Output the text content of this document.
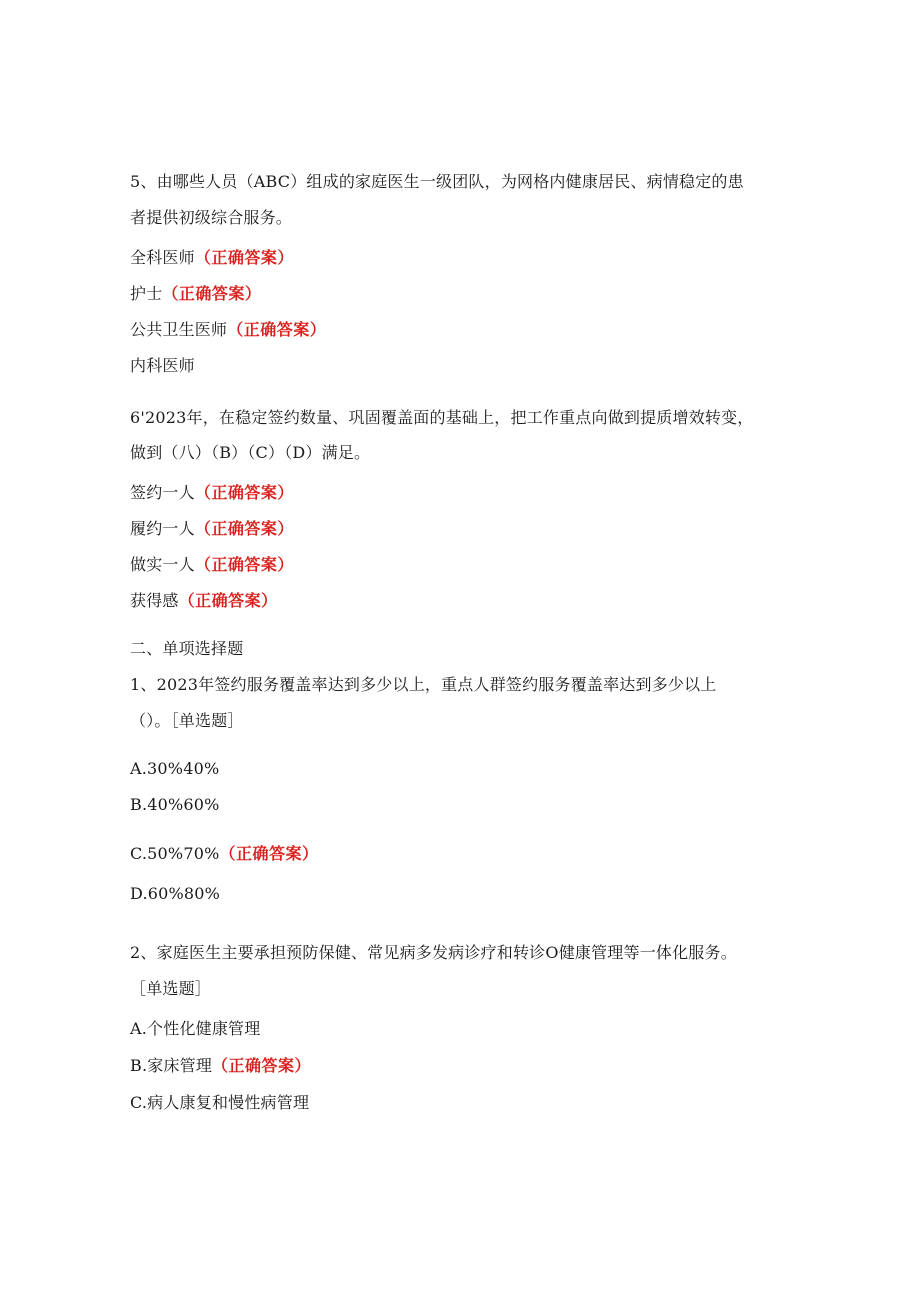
5、由哪些人员（ABC）组成的家庭医生一级团队，为网格内健康居民、病情稳定的患
者提供初级综合服务。
全科医师（正确答案）
护士（正确答案）
公共卫生医师（正确答案）
内科医师
6'2023年，在稳定签约数量、巩固覆盖面的基础上，把工作重点向做到提质增效转变，
做到（八）（B）（C）（D）满足。
签约一人（正确答案）
履约一人（正确答案）
做实一人（正确答案）
获得感（正确答案）
二、单项选择题
1、2023年签约服务覆盖率达到多少以上，重点人群签约服务覆盖率达到多少以上
（）。［单选题］
A.30%40%
B.40%60%
C.50%70%（正确答案）
D.60%80%
2、家庭医生主要承担预防保健、常见病多发病诊疗和转诊O健康管理等一体化服务。
［单选题］
A.个性化健康管理
B.家床管理（正确答案）
C.病人康复和慢性病管理
